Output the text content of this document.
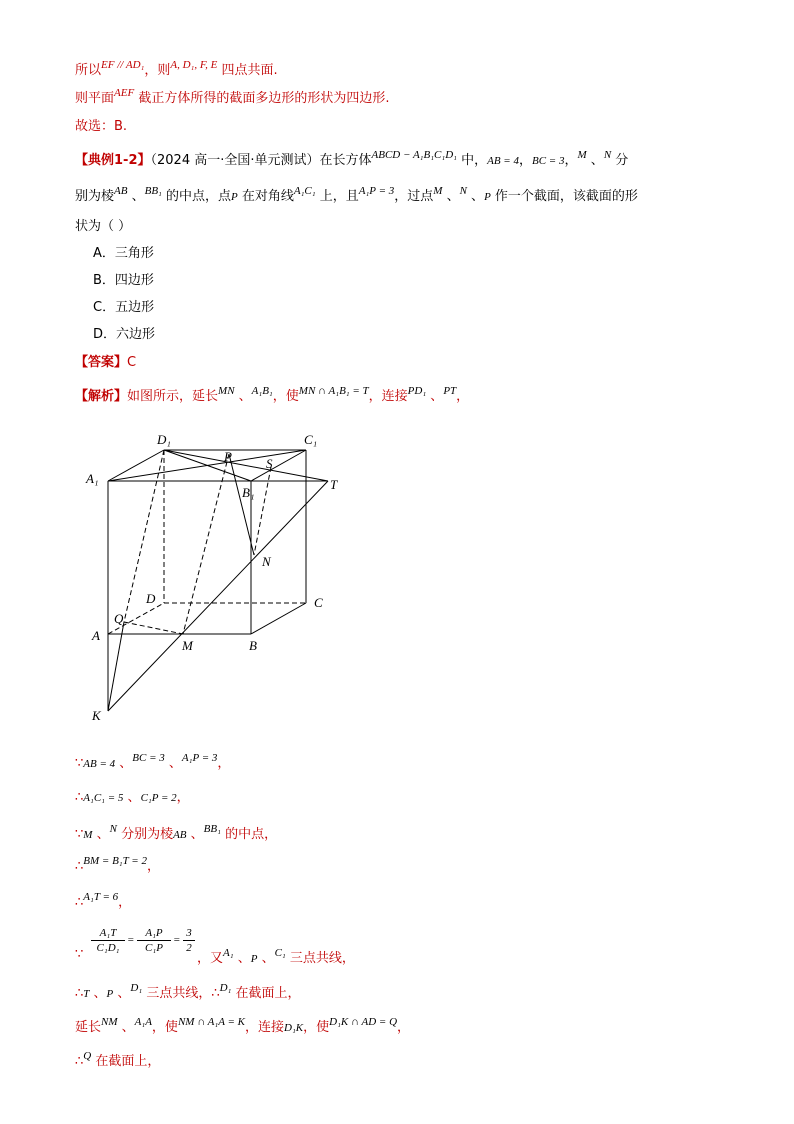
所以$^{EF // AD_1}$，则$^{A, D_1, F, E}$ 四点共面.
则平面$^{AEF}$ 截正方体所得的截面多边形的形状为四边形.
故选：B.
【典例1-2】（2024 高一·全国·单元测试）在长方体$^{ABCD - A_1B_1C_1D_1}$ 中，AB = 4，BC = 3，$^M$ 、$^N$ 分
别为棱$^{AB}$ 、$^{BB_1}$ 的中点，点P 在对角线$^{A_1C_1}$ 上，且$^{A_1P = 3}$，过点$^M$ 、$^N$ 、P 作一个截面，该截面的形
状为（ ）
A．三角形
B．四边形
C．五边形
D．六边形
【答案】C
【解析】如图所示，延长$^{MN}$ 、$^{A_1B_1}$，使$^{MN \cap A_1B_1 = T}$，连接$^{PD_1}$ 、$^{PT}$，
D₁	C₁
P	S
A₁
B₁
T
N
D	C
Q
A
M	B
K
∵AB = 4 、$^{BC = 3}$ 、$^{A_1P = 3}$，
∴A₁C₁ = 5 、C₁P = 2，
∵M 、$^N$ 分别为棱AB 、$^{BB_1}$ 的中点，
∴$^{BM = B_1T = 2}$，
∴$^{A_1T = 6}$，
∵ $\frac{\text{A₁T}}{\text{C₁D₁}} = \frac{\text{A₁P}}{\text{C₁P}} = \frac{3}{2}$
，又$^{A_1}$ 、P 、$^{C_1}$ 三点共线，
∴T 、P 、$^{D_1}$ 三点共线，∴$^{D_1}$ 在截面上，
延长$^{NM}$ 、$^{A_1A}$，使$^{NM \cap A_1A = K}$，连接D₁K，使$^{D_1K \cap AD = Q}$，
∴$^Q$ 在截面上，
